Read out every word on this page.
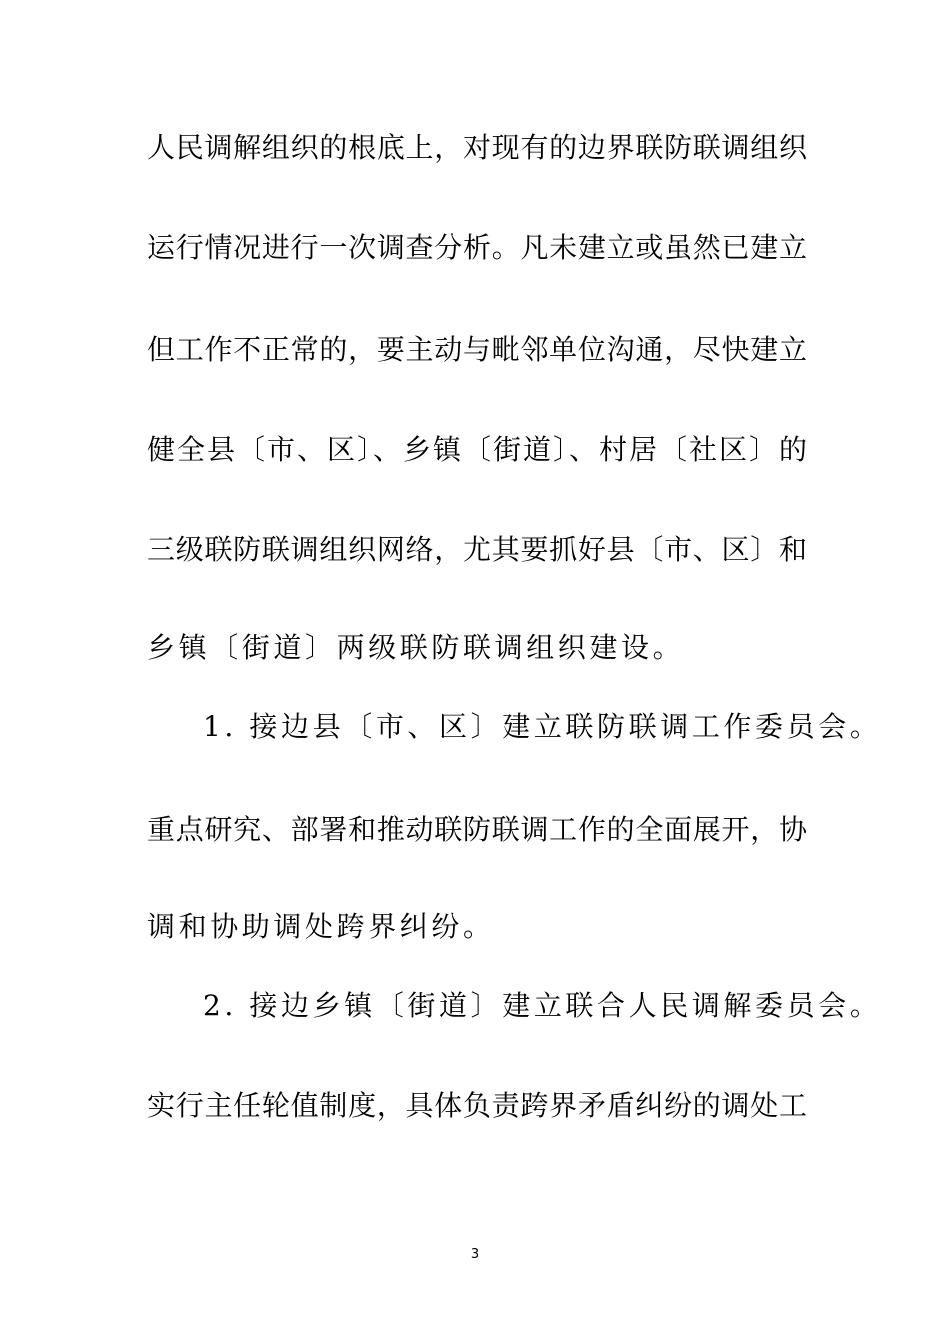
人民调解组织的根底上，对现有的边界联防联调组织
运行情况进行一次调查分析。凡未建立或虽然已建立
但工作不正常的，要主动与毗邻单位沟通，尽快建立
健全县〔市、区〕、乡镇〔街道〕、村居〔社区〕的
三级联防联调组织网络，尤其要抓好县〔市、区〕和
乡镇〔街道〕两级联防联调组织建设。
1. 接边县〔市、区〕建立联防联调工作委员会。
重点研究、部署和推动联防联调工作的全面展开，协
调和协助调处跨界纠纷。
2. 接边乡镇〔街道〕建立联合人民调解委员会。
实行主任轮值制度，具体负责跨界矛盾纠纷的调处工
3
